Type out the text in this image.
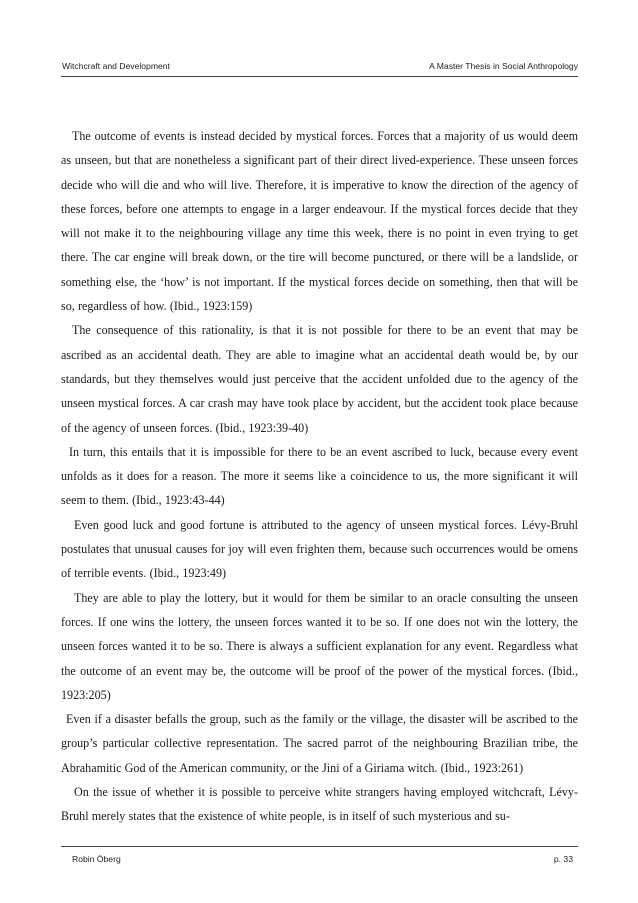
Witchcraft and Development	A Master Thesis in Social Anthropology

The outcome of events is instead decided by mystical forces. Forces that a majority of us would deem as unseen, but that are nonetheless a significant part of their direct lived-experience. These unseen forces decide who will die and who will live. Therefore, it is imperative to know the direction of the agency of these forces, before one attempts to engage in a larger endeavour. If the mystical forces decide that they will not make it to the neighbouring village any time this week, there is no point in even trying to get there. The car engine will break down, or the tire will become punctured, or there will be a landslide, or something else, the ‘how’ is not important. If the mystical forces decide on something, then that will be so, regardless of how. (Ibid., 1923:159)

The consequence of this rationality, is that it is not possible for there to be an event that may be ascribed as an accidental death. They are able to imagine what an accidental death would be, by our standards, but they themselves would just perceive that the accident unfolded due to the agency of the unseen mystical forces. A car crash may have took place by accident, but the accident took place because of the agency of unseen forces. (Ibid., 1923:39-40)

In turn, this entails that it is impossible for there to be an event ascribed to luck, because every event unfolds as it does for a reason. The more it seems like a coincidence to us, the more significant it will seem to them. (Ibid., 1923:43-44)

Even good luck and good fortune is attributed to the agency of unseen mystical forces. Lévy-Bruhl postulates that unusual causes for joy will even frighten them, because such occurrences would be omens of terrible events. (Ibid., 1923:49)

They are able to play the lottery, but it would for them be similar to an oracle consulting the unseen forces. If one wins the lottery, the unseen forces wanted it to be so. If one does not win the lottery, the unseen forces wanted it to be so. There is always a sufficient explanation for any event. Regardless what the outcome of an event may be, the outcome will be proof of the power of the mystical forces. (Ibid., 1923:205)

Even if a disaster befalls the group, such as the family or the village, the disaster will be ascribed to the group’s particular collective representation. The sacred parrot of the neighbouring Brazilian tribe, the Abrahamitic God of the American community, or the Jini of a Giriama witch. (Ibid., 1923:261)

On the issue of whether it is possible to perceive white strangers having employed witchcraft, Lévy-Bruhl merely states that the existence of white people, is in itself of such mysterious and su-

Robin Öberg	p. 33
